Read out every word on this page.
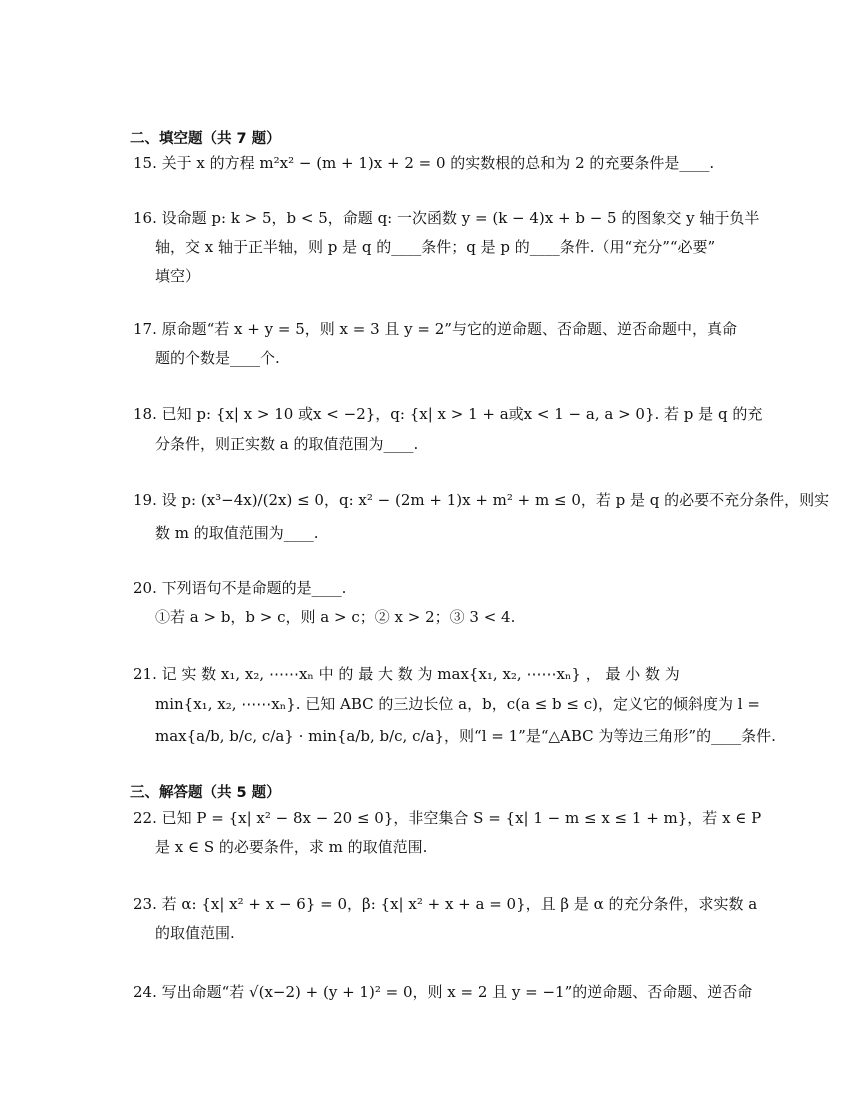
二、填空题（共 7 题）
15. 关于 x 的方程 m²x² − (m + 1)x + 2 = 0 的实数根的总和为 2 的充要条件是____.
16. 设命题 p: k > 5，b < 5，命题 q: 一次函数 y = (k − 4)x + b − 5 的图象交 y 轴于负半
轴，交 x 轴于正半轴，则 p 是 q 的____条件；q 是 p 的____条件.（用“充分”“必要”
填空）
17. 原命题“若 x + y = 5，则 x = 3 且 y = 2”与它的逆命题、否命题、逆否命题中，真命
题的个数是____个.
18. 已知 p: {x| x > 10 或x < −2}，q: {x| x > 1 + a或x < 1 − a, a > 0}. 若 p 是 q 的充
分条件，则正实数 a 的取值范围为____.
19. 设 p: (x³−4x)/(2x) ≤ 0，q: x² − (2m + 1)x + m² + m ≤ 0，若 p 是 q 的必要不充分条件，则实
数 m 的取值范围为____.
20. 下列语句不是命题的是____.
①若 a > b，b > c，则 a > c；② x > 2；③ 3 < 4.
21. 记 实 数 x₁, x₂, ⋯⋯xₙ 中 的 最 大 数 为 max{x₁, x₂, ⋯⋯xₙ} ， 最 小 数 为
min{x₁, x₂, ⋯⋯xₙ}. 已知 ABC 的三边长位 a，b，c(a ≤ b ≤ c)，定义它的倾斜度为 l =
max{a/b, b/c, c/a} · min{a/b, b/c, c/a}，则“l = 1”是“△ABC 为等边三角形”的____条件.
三、解答题（共 5 题）
22. 已知 P = {x| x² − 8x − 20 ≤ 0}，非空集合 S = {x| 1 − m ≤ x ≤ 1 + m}，若 x ∈ P
是 x ∈ S 的必要条件，求 m 的取值范围.
23. 若 α: {x| x² + x − 6} = 0，β: {x| x² + x + a = 0}，且 β 是 α 的充分条件，求实数 a
的取值范围.
24. 写出命题“若 √(x−2) + (y + 1)² = 0，则 x = 2 且 y = −1”的逆命题、否命题、逆否命
